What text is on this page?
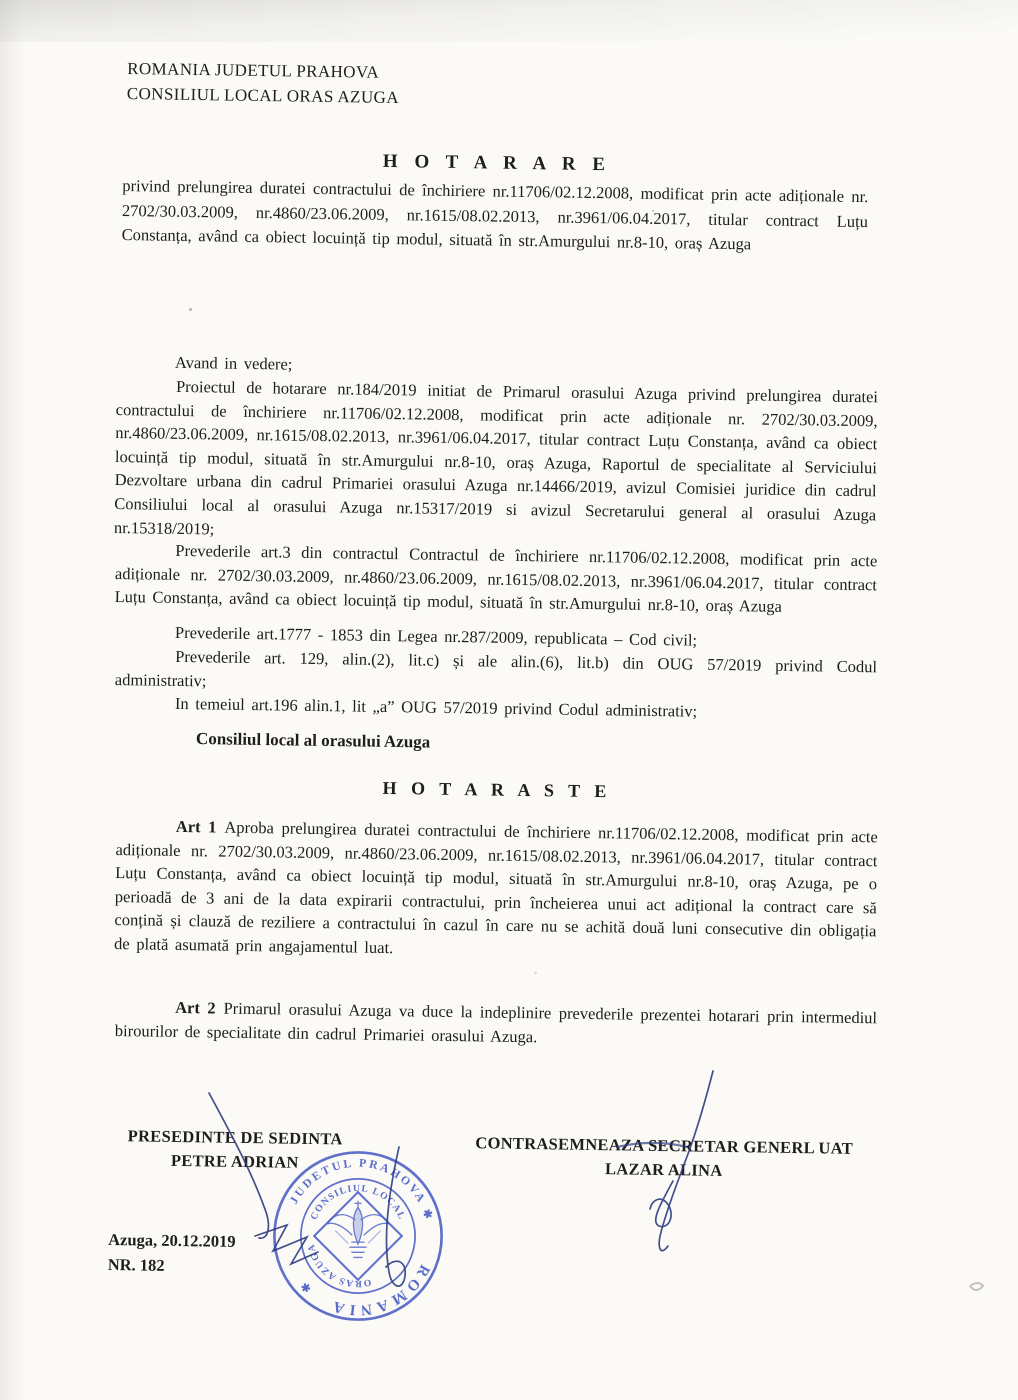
ROMANIA JUDETUL PRAHOVA
CONSILIUL LOCAL ORAS AZUGA
H O T A R A R E
privind prelungirea duratei contractului de închiriere nr.11706/02.12.2008, modificat prin acte adiționale nr. 2702/30.03.2009, nr.4860/23.06.2009, nr.1615/08.02.2013, nr.3961/06.04.2017, titular contract Luțu Constanța, având ca obiect locuință tip modul, situată în str.Amurgului nr.8-10, oraș Azuga
Avand in vedere;
Proiectul de hotarare nr.184/2019 initiat de Primarul orasului Azuga privind prelungirea duratei contractului de închiriere nr.11706/02.12.2008, modificat prin acte adiționale nr. 2702/30.03.2009, nr.4860/23.06.2009, nr.1615/08.02.2013, nr.3961/06.04.2017, titular contract Luțu Constanța, având ca obiect locuință tip modul, situată în str.Amurgului nr.8-10, oraș Azuga, Raportul de specialitate al Serviciului Dezvoltare urbana din cadrul Primariei orasului Azuga nr.14466/2019, avizul Comisiei juridice din cadrul Consiliului local al orasului Azuga nr.15317/2019 si avizul Secretarului general al orasului Azuga nr.15318/2019;
Prevederile art.3 din contractul Contractul de închiriere nr.11706/02.12.2008, modificat prin acte adiționale nr. 2702/30.03.2009, nr.4860/23.06.2009, nr.1615/08.02.2013, nr.3961/06.04.2017, titular contract Luțu Constanța, având ca obiect locuință tip modul, situată în str.Amurgului nr.8-10, oraș Azuga
Prevederile art.1777 - 1853 din Legea nr.287/2009, republicata – Cod civil;
Prevederile art. 129, alin.(2), lit.c) și ale alin.(6), lit.b) din OUG 57/2019 privind Codul administrativ;
In temeiul art.196 alin.1, lit „a” OUG 57/2019 privind Codul administrativ;
Consiliul local al orasului Azuga
H O T A R A S T E
Art 1 Aproba prelungirea duratei contractului de închiriere nr.11706/02.12.2008, modificat prin acte adiționale nr. 2702/30.03.2009, nr.4860/23.06.2009, nr.1615/08.02.2013, nr.3961/06.04.2017, titular contract Luțu Constanța, având ca obiect locuință tip modul, situată în str.Amurgului nr.8-10, oraș Azuga, pe o perioadă de 3 ani de la data expirarii contractului, prin încheierea unui act adițional la contract care să conțină și clauză de reziliere a contractului în cazul în care nu se achită două luni consecutive din obligația de plată asumată prin angajamentul luat.
Art 2 Primarul orasului Azuga va duce la indeplinire prevederile prezentei hotarari prin intermediul birourilor de specialitate din cadrul Primariei orasului Azuga.
PRESEDINTE DE SEDINTA
PETRE ADRIAN
CONTRASEMNEAZA SECRETAR GENERL UAT
LAZAR ALINA
Azuga, 20.12.2019
NR. 182
JUDETUL PRAHOVA
ROMANIA
CONSILIUL LOCAL
ORAS AZUGA
✱
✱
